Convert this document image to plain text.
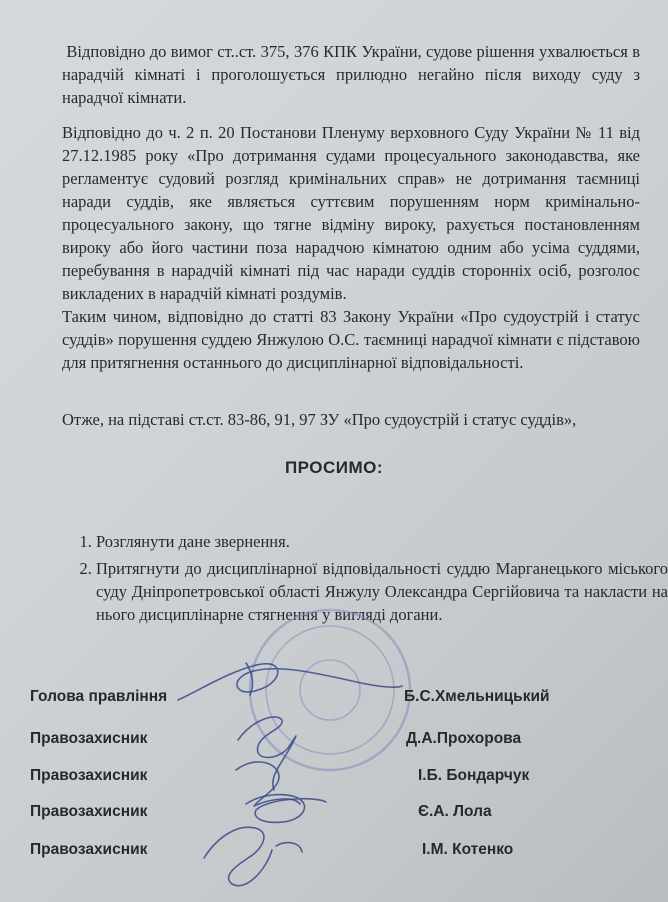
Відповідно до вимог ст..ст. 375, 376 КПК України, судове рішення ухвалюється в нарадчій кімнаті і проголошується прилюдно негайно після виходу суду з нарадчої кімнати.

Відповідно до ч. 2 п. 20 Постанови Пленуму верховного Суду України № 11 від 27.12.1985 року «Про дотримання судами процесуального законодавства, яке регламентує судовий розгляд кримінальних справ» не дотримання таємниці наради суддів, яке являється суттєвим порушенням норм кримінально-процесуального закону, що тягне відміну вироку, рахується постановленням вироку або його частини поза нарадчою кімнатою одним або усіма суддями, перебування в нарадчій кімнаті під час наради суддів сторонніх осіб, розголос викладених в нарадчій кімнаті роздумів.

Таким чином, відповідно до статті 83 Закону України «Про судоустрій і статус суддів» порушення суддею Янжулою О.С. таємниці нарадчої кімнати є підставою для притягнення останнього до дисциплінарної відповідальності.

Отже, на підставі ст.ст. 83-86, 91, 97 ЗУ «Про судоустрій і статус суддів»,

ПРОСИМО:
1. Розглянути дане звернення.
2. Притягнути до дисциплінарної відповідальності суддю Марганецького міського суду Дніпропетровської області Янжулу Олександра Сергійовича та накласти на нього дисциплінарне стягнення у вигляді догани.
Голова правління	Б.С.Хмельницький
Правозахисник	Д.А.Прохорова
Правозахисник	І.Б. Бондарчук
Правозахисник	Є.А. Лола
Правозахисник	І.М. Котенко
